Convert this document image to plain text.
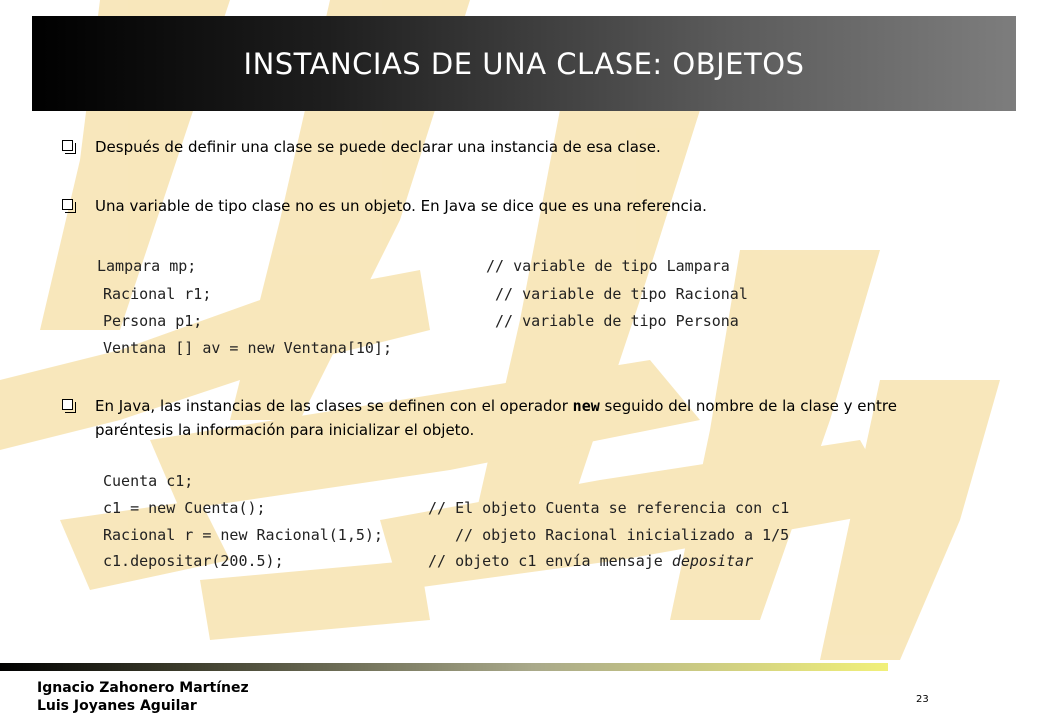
INSTANCIAS DE UNA CLASE: OBJETOS
Después de definir una clase se puede declarar una instancia de esa clase.
Una variable de tipo clase no es un objeto. En Java se dice que es una referencia.
Lampara mp;	// variable de tipo Lampara
Racional r1;	// variable de tipo Racional
Persona p1;	// variable de tipo Persona
Ventana [] av = new Ventana[10];
En Java, las instancias de las clases se definen con el operador new seguido del nombre de la clase y entre
paréntesis la información para inicializar el objeto.
Cuenta c1;
c1 = new Cuenta();	// El objeto Cuenta se referencia con c1
Racional r = new Racional(1,5);	// objeto Racional inicializado a 1/5
c1.depositar(200.5);	// objeto c1 envía mensaje depositar
Ignacio Zahonero Martínez
Luis Joyanes Aguilar	23
